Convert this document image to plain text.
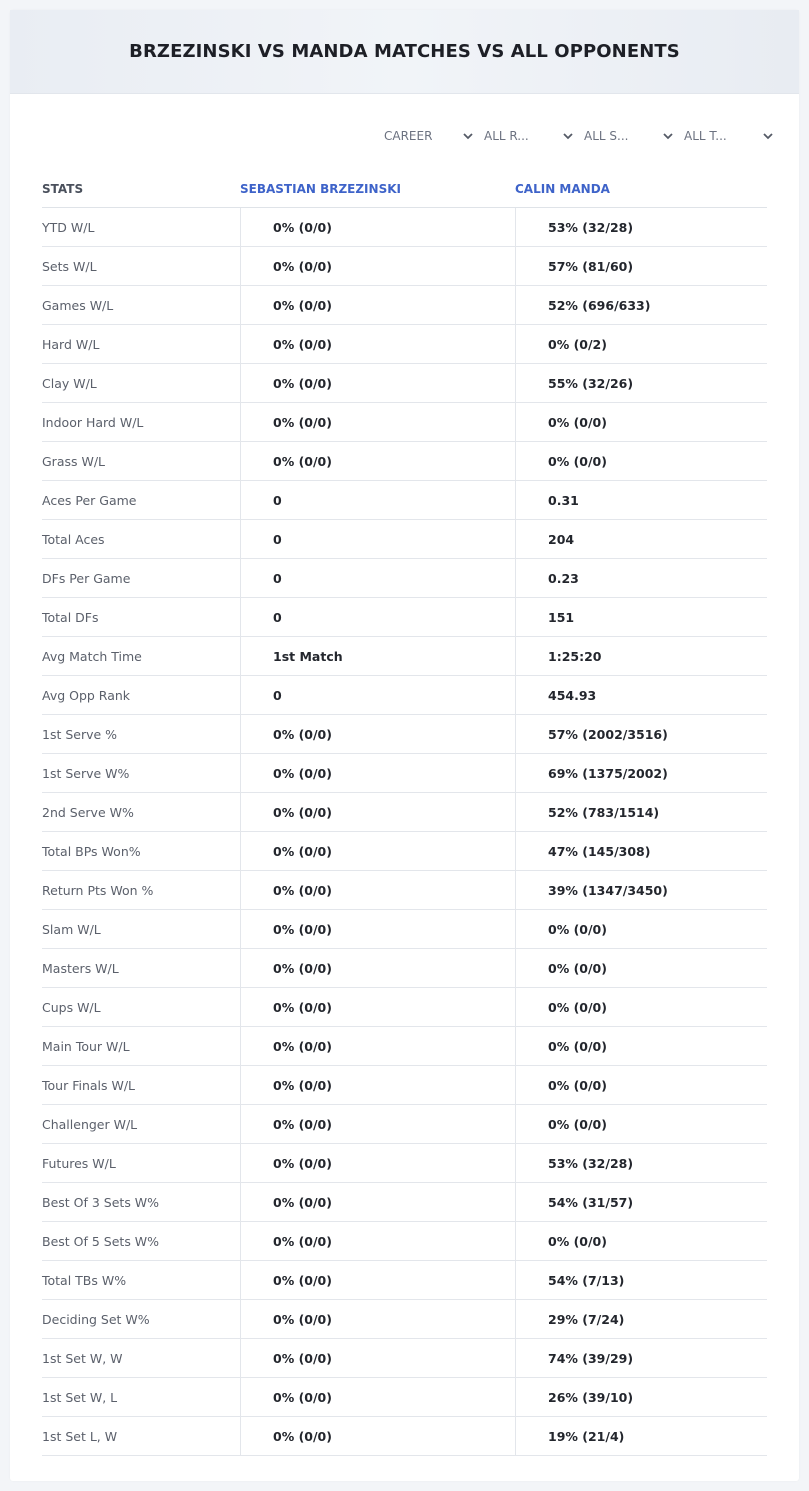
BRZEZINSKI VS MANDA MATCHES VS ALL OPPONENTS
CAREER	ALL R...	ALL S...	ALL T...
STATS	SEBASTIAN BRZEZINSKI	CALIN MANDA
YTD W/L	0% (0/0)	53% (32/28)
Sets W/L	0% (0/0)	57% (81/60)
Games W/L	0% (0/0)	52% (696/633)
Hard W/L	0% (0/0)	0% (0/2)
Clay W/L	0% (0/0)	55% (32/26)
Indoor Hard W/L	0% (0/0)	0% (0/0)
Grass W/L	0% (0/0)	0% (0/0)
Aces Per Game	0	0.31
Total Aces	0	204
DFs Per Game	0	0.23
Total DFs	0	151
Avg Match Time	1st Match	1:25:20
Avg Opp Rank	0	454.93
1st Serve %	0% (0/0)	57% (2002/3516)
1st Serve W%	0% (0/0)	69% (1375/2002)
2nd Serve W%	0% (0/0)	52% (783/1514)
Total BPs Won%	0% (0/0)	47% (145/308)
Return Pts Won %	0% (0/0)	39% (1347/3450)
Slam W/L	0% (0/0)	0% (0/0)
Masters W/L	0% (0/0)	0% (0/0)
Cups W/L	0% (0/0)	0% (0/0)
Main Tour W/L	0% (0/0)	0% (0/0)
Tour Finals W/L	0% (0/0)	0% (0/0)
Challenger W/L	0% (0/0)	0% (0/0)
Futures W/L	0% (0/0)	53% (32/28)
Best Of 3 Sets W%	0% (0/0)	54% (31/57)
Best Of 5 Sets W%	0% (0/0)	0% (0/0)
Total TBs W%	0% (0/0)	54% (7/13)
Deciding Set W%	0% (0/0)	29% (7/24)
1st Set W, W	0% (0/0)	74% (39/29)
1st Set W, L	0% (0/0)	26% (39/10)
1st Set L, W	0% (0/0)	19% (21/4)
